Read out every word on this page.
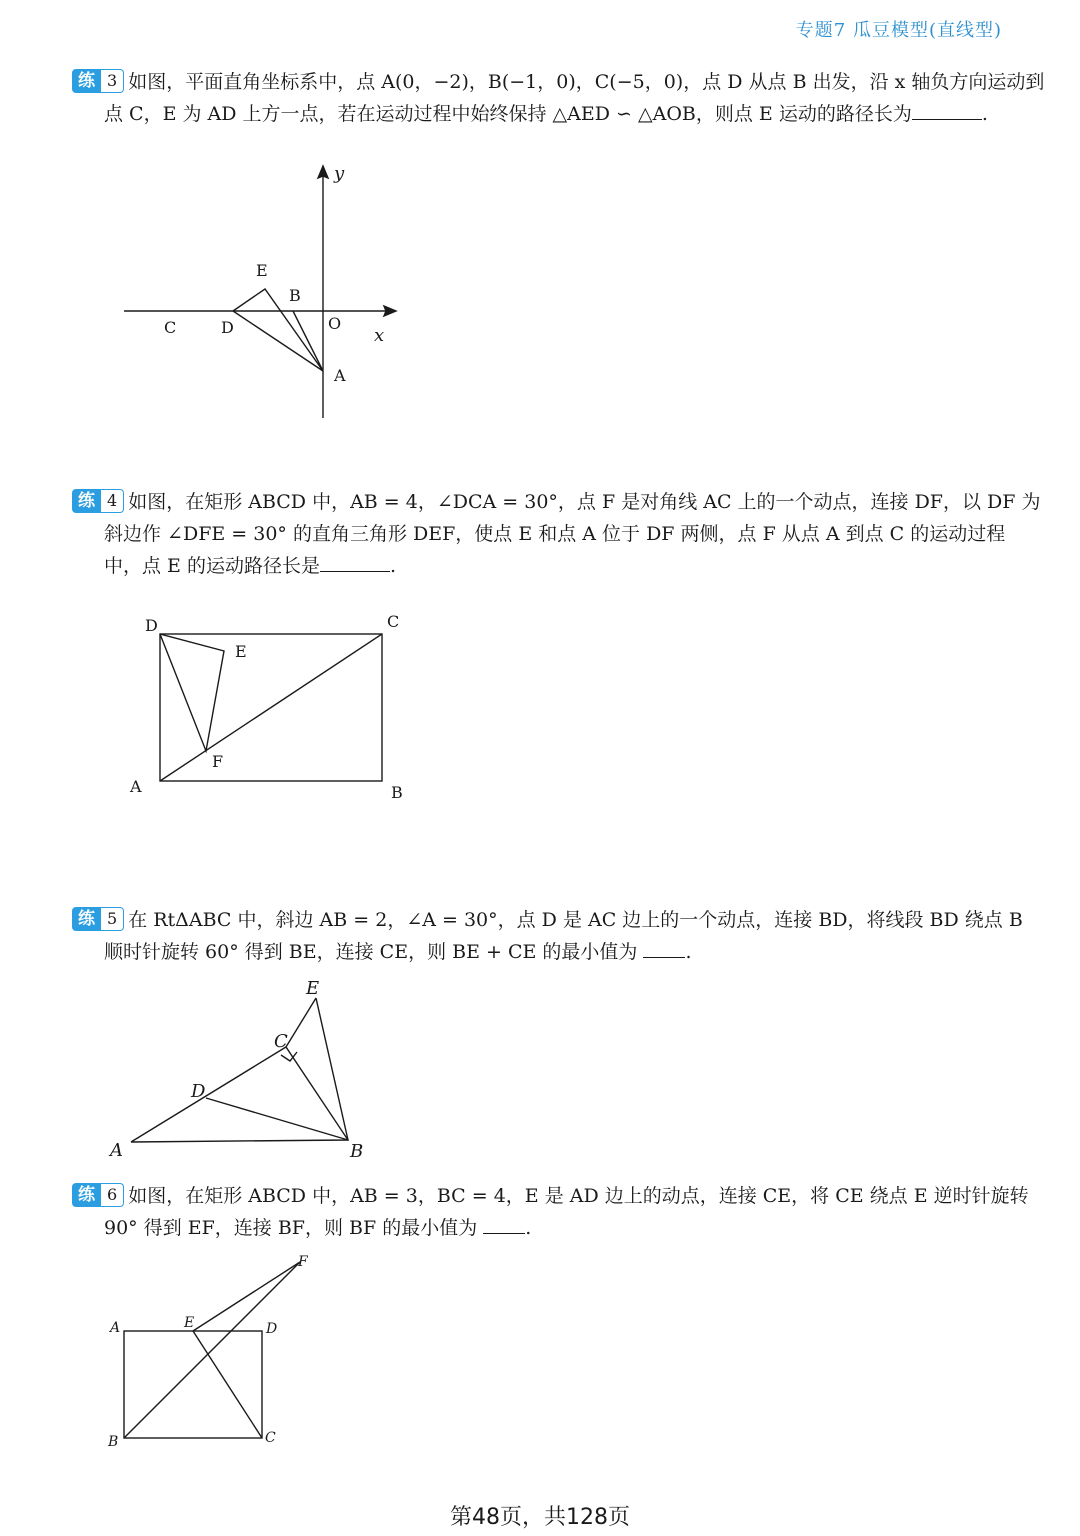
专题7 瓜豆模型(直线型)
练 3 如图，平面直角坐标系中，点 A(0，−2)，B(−1，0)，C(−5，0)，点 D 从点 B 出发，沿 x 轴负方向运动到
点 C，E 为 AD 上方一点，若在运动过程中始终保持 △AED ∽ △AOB，则点 E 运动的路径长为	.
y
x
E
B
C	D	O
A
D	C
E
F
A	B
E
C
D
A	B
F
A	E	D
B	C
练 4 如图，在矩形 ABCD 中，AB = 4，∠DCA = 30°，点 F 是对角线 AC 上的一个动点，连接 DF，以 DF 为
斜边作 ∠DFE = 30° 的直角三角形 DEF，使点 E 和点 A 位于 DF 两侧，点 F 从点 A 到点 C 的运动过程
中，点 E 的运动路径长是	.
练 5 在 RtΔABC 中，斜边 AB = 2，∠A = 30°，点 D 是 AC 边上的一个动点，连接 BD，将线段 BD 绕点 B
顺时针旋转 60° 得到 BE，连接 CE，则 BE + CE 的最小值为	.
练 6 如图，在矩形 ABCD 中，AB = 3，BC = 4，E 是 AD 边上的动点，连接 CE，将 CE 绕点 E 逆时针旋转
90° 得到 EF，连接 BF，则 BF 的最小值为	.
第48页，共128页
